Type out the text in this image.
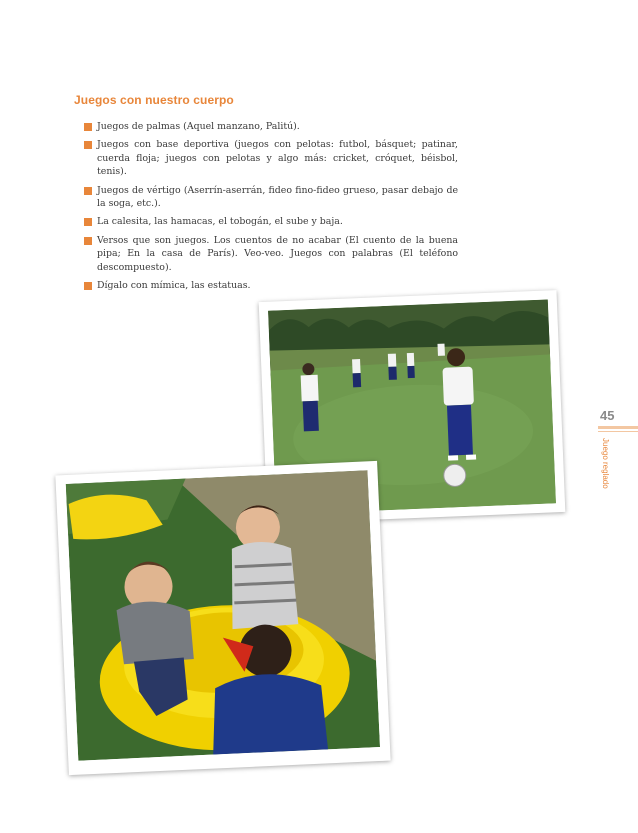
Juegos con nuestro cuerpo
Juegos de palmas (Aquel manzano, Palitú).
Juegos con base deportiva (juegos con pelotas: futbol, básquet; patinar, cuerda floja; juegos con pelotas y algo más: cricket, cróquet, béisbol, tenis).
Juegos de vértigo (Aserrín-aserrán, fideo fino-fideo grueso, pasar debajo de la soga, etc.).
La calesita, las hamacas, el tobogán, el sube y baja.
Versos que son juegos. Los cuentos de no acabar (El cuento de la buena pipa; En la casa de París). Veo-veo. Juegos con palabras (El teléfono descompuesto).
Dígalo con mímica, las estatuas.
45
Juego reglado
